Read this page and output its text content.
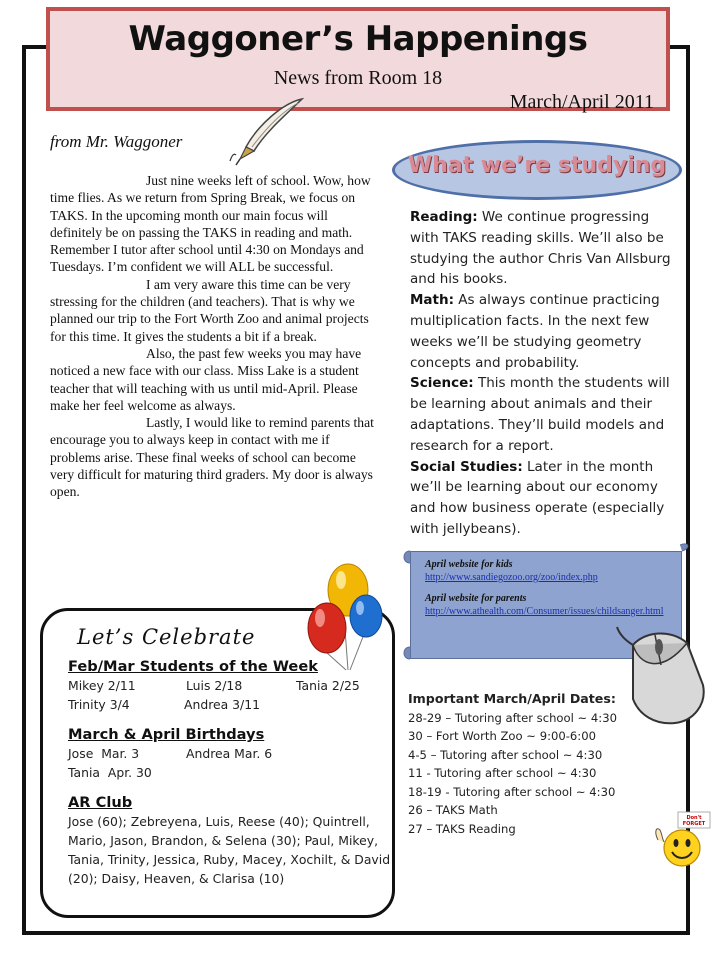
Waggoner’s Happenings
News from Room 18
March/April 2011
from Mr. Waggoner

Just nine weeks left of school. Wow, how time flies. As we return from Spring Break, we focus on TAKS. In the upcoming month our main focus will definitely be on passing the TAKS in reading and math. Remember I tutor after school until 4:30 on Mondays and Tuesdays. I’m confident we will ALL be successful.

I am very aware this time can be very stressing for the children (and teachers). That is why we planned our trip to the Fort Worth Zoo and animal projects for this time. It gives the students a bit if a break.

Also, the past few weeks you may have noticed a new face with our class. Miss Lake is a student teacher that will teaching with us until mid-April. Please make her feel welcome as always.

Lastly, I would like to remind parents that encourage you to always keep in contact with me if problems arise. These final weeks of school can become very difficult for maturing third graders. My door is always open.

What we’re studying

Reading: We continue progressing with TAKS reading skills. We’ll also be studying the author Chris Van Allsburg and his books.

Math: As always continue practicing multiplication facts. In the next few weeks we’ll be studying geometry concepts and probability.

Science: This month the students will be learning about animals and their adaptations. They’ll build models and research for a report.

Social Studies: Later in the month we’ll be learning about our economy and how business operate (especially with jellybeans).

April website for kids
http://www.sandiegozoo.org/zoo/index.php
April website for parents
http://www.athealth.com/Consumer/issues/childsanger.html
Let’s Celebrate
Feb/Mar Students of the Week
Mikey 2/11	Luis 2/18	Tania 2/25
Trinity 3/4	Andrea 3/11
March & April Birthdays
Jose  Mar. 3	Andrea Mar. 6
Tania  Apr. 30
AR Club
Jose (60); Zebreyena, Luis, Reese (40); Quintrell, Mario, Jason, Brandon, & Selena (30); Paul, Mikey, Tania, Trinity, Jessica, Ruby, Macey, Xochilt, & David (20); Daisy, Heaven, & Clarisa (10)
Important March/April Dates:
28-29 – Tutoring after school ~ 4:30
30 – Fort Worth Zoo ~ 9:00-6:00
4-5 – Tutoring after school ~ 4:30
11 - Tutoring after school ~ 4:30
18-19 - Tutoring after school ~ 4:30
26 – TAKS Math
27 – TAKS Reading
Don't
FORGET
